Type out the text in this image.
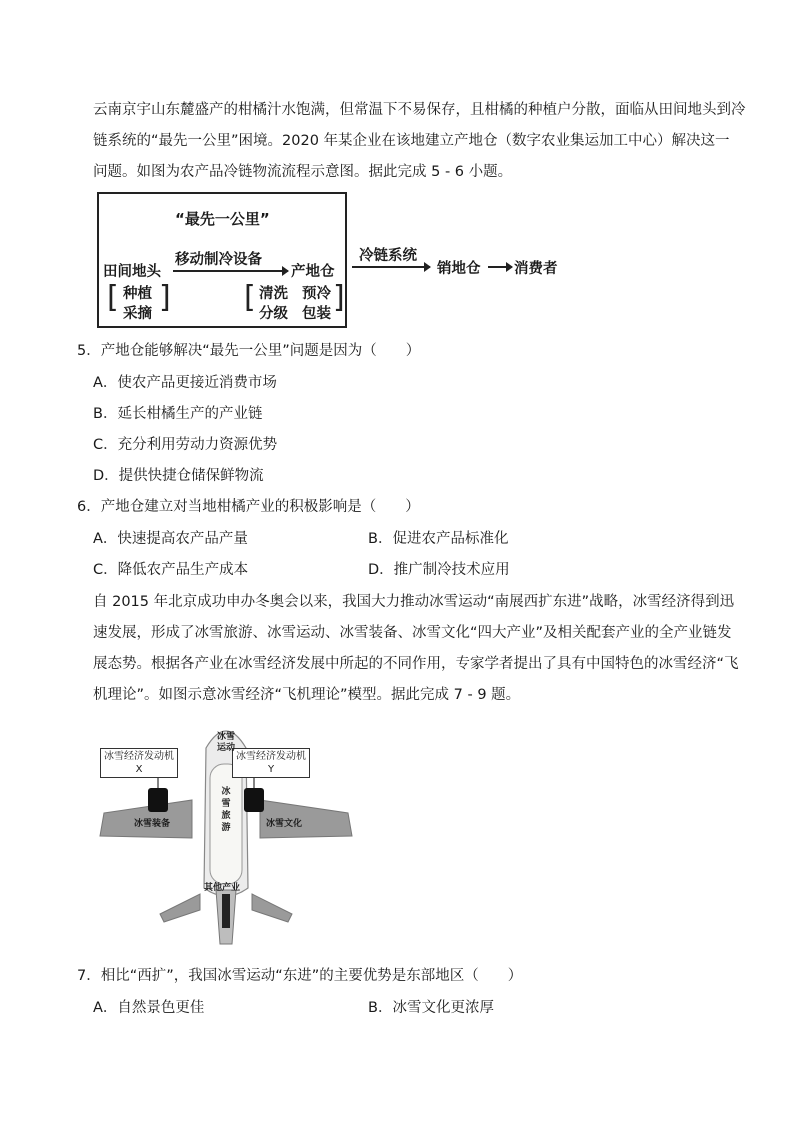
云南京宇山东麓盛产的柑橘汁水饱满，但常温下不易保存，且柑橘的种植户分散，面临从田间地头到冷
链系统的“最先一公里”困境。2020 年某企业在该地建立产地仓（数字农业集运加工中心）解决这一
问题。如图为农产品冷链物流流程示意图。据此完成 5 - 6 小题。
“最先一公里”
移动制冷设备
田间地头	产地仓
[ 种植
采摘 ] [ 清洗 预冷
分级 包装 ]
冷链系统
销地仓 消费者
5．产地仓能够解决“最先一公里”问题是因为（　　）
A．使农产品更接近消费市场
B．延长柑橘生产的产业链
C．充分利用劳动力资源优势
D．提供快捷仓储保鲜物流
6．产地仓建立对当地柑橘产业的积极影响是（　　）
A．快速提高农产品产量	B．促进农产品标准化
C．降低农产品生产成本	D．推广制冷技术应用
自 2015 年北京成功申办冬奥会以来，我国大力推动冰雪运动“南展西扩东进”战略，冰雪经济得到迅
速发展，形成了冰雪旅游、冰雪运动、冰雪装备、冰雪文化“四大产业”及相关配套产业的全产业链发
展态势。根据各产业在冰雪经济发展中所起的不同作用，专家学者提出了具有中国特色的冰雪经济“飞
机理论”。如图示意冰雪经济“飞机理论”模型。据此完成 7 - 9 题。
冰雪经济发动机
X
冰雪经济发动机
Y
冰雪
运动
冰
雪
旅
游
冰雪装备	冰雪文化
其他产业
7．相比“西扩”，我国冰雪运动“东进”的主要优势是东部地区（　　）
A．自然景色更佳	B．冰雪文化更浓厚
